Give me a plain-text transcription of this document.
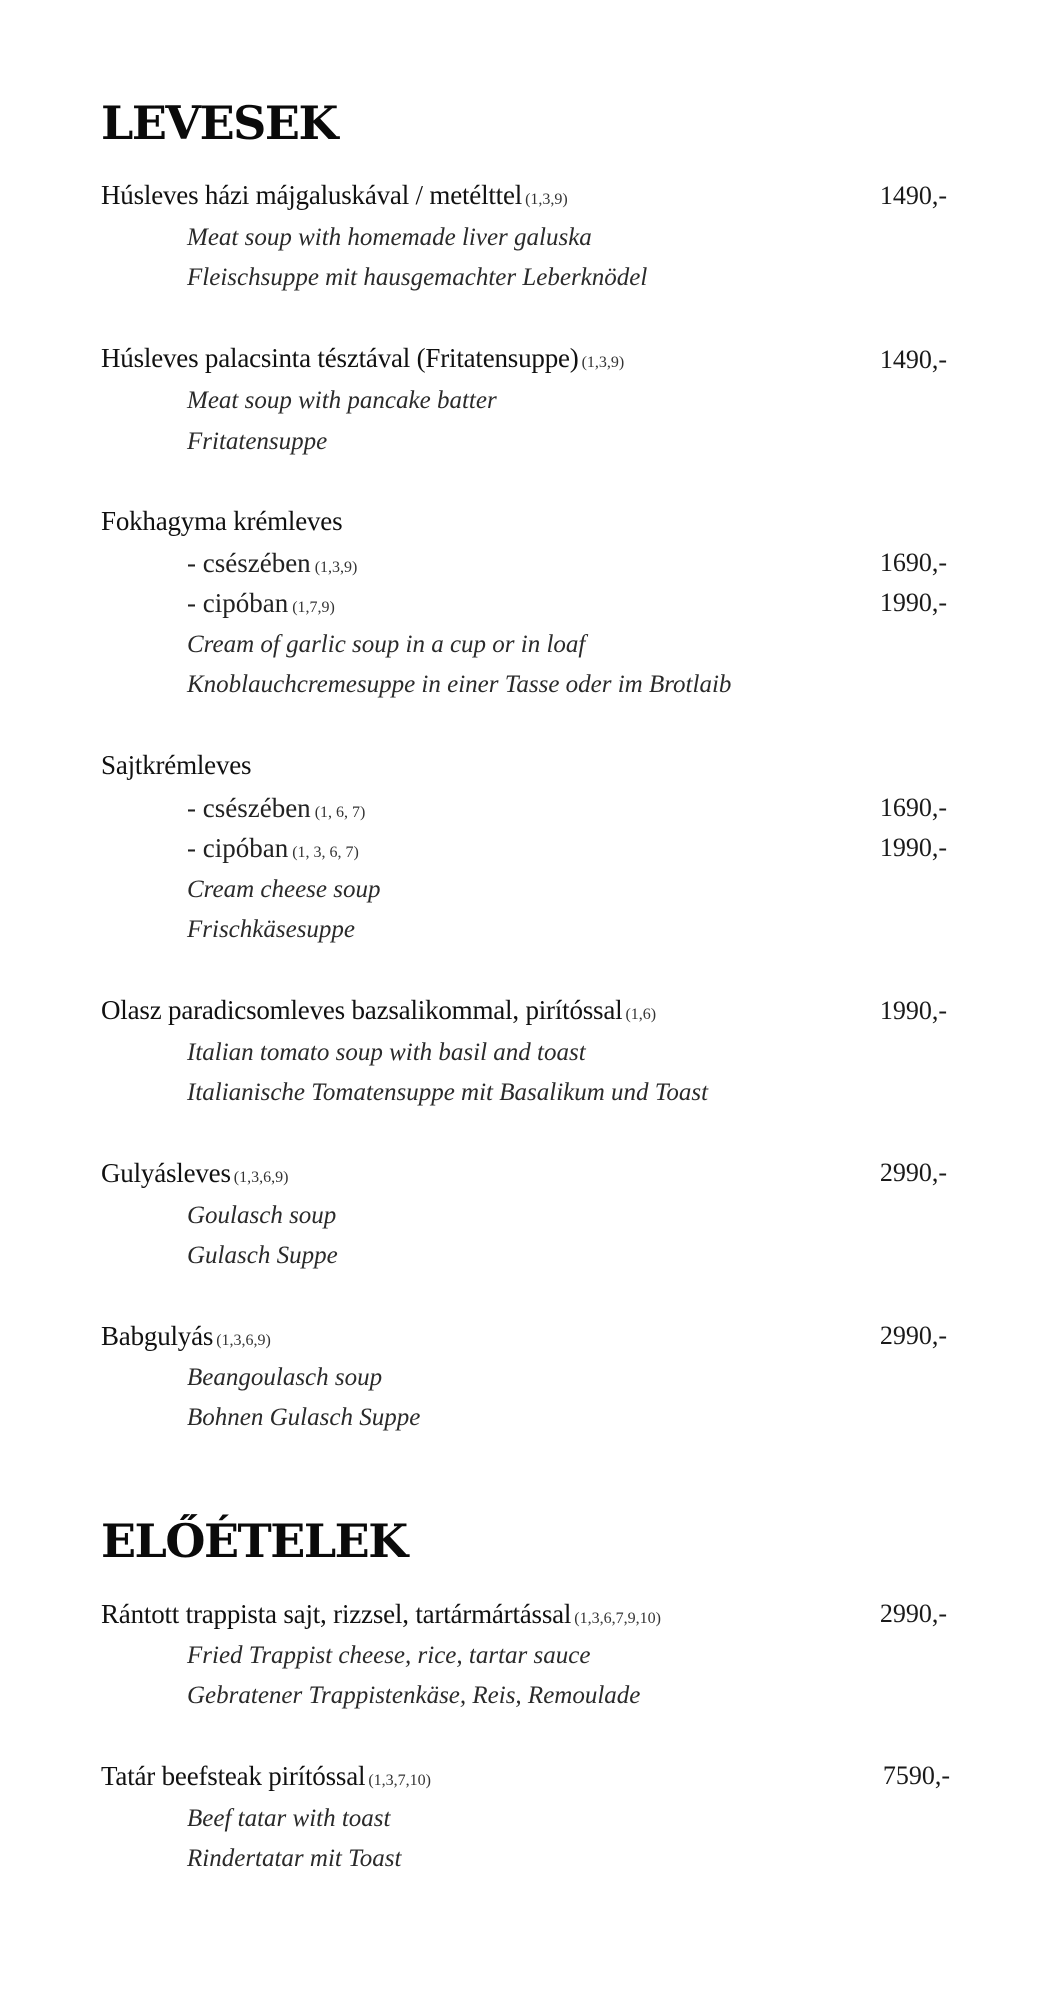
LEVESEK
Húsleves házi májgaluskával / metélttel (1,3,9)	1490,-
Meat soup with homemade liver galuska
Fleischsuppe mit hausgemachter Leberknödel
Húsleves palacsinta tésztával (Fritatensuppe) (1,3,9)	1490,-
Meat soup with pancake batter
Fritatensuppe
Fokhagyma krémleves
- csészében (1,3,9)	1690,-
- cipóban (1,7,9)	1990,-
Cream of garlic soup in a cup or in loaf
Knoblauchcremesuppe in einer Tasse oder im Brotlaib
Sajtkrémleves
- csészében (1, 6, 7)	1690,-
- cipóban (1, 3, 6, 7)	1990,-
Cream cheese soup
Frischkäsesuppe
Olasz paradicsomleves bazsalikommal, pirítóssal (1,6)	1990,-
Italian tomato soup with basil and toast
Italianische Tomatensuppe mit Basalikum und Toast
Gulyásleves (1,3,6,9)	2990,-
Goulasch soup
Gulasch Suppe
Babgulyás (1,3,6,9)	2990,-
Beangoulasch soup
Bohnen Gulasch Suppe
ELŐÉTELEK
Rántott trappista sajt, rizzsel, tartármártással (1,3,6,7,9,10)	2990,-
Fried Trappist cheese, rice, tartar sauce
Gebratener Trappistenkäse, Reis, Remoulade
Tatár beefsteak pirítóssal (1,3,7,10)	7590,-
Beef tatar with toast
Rindertatar mit Toast
